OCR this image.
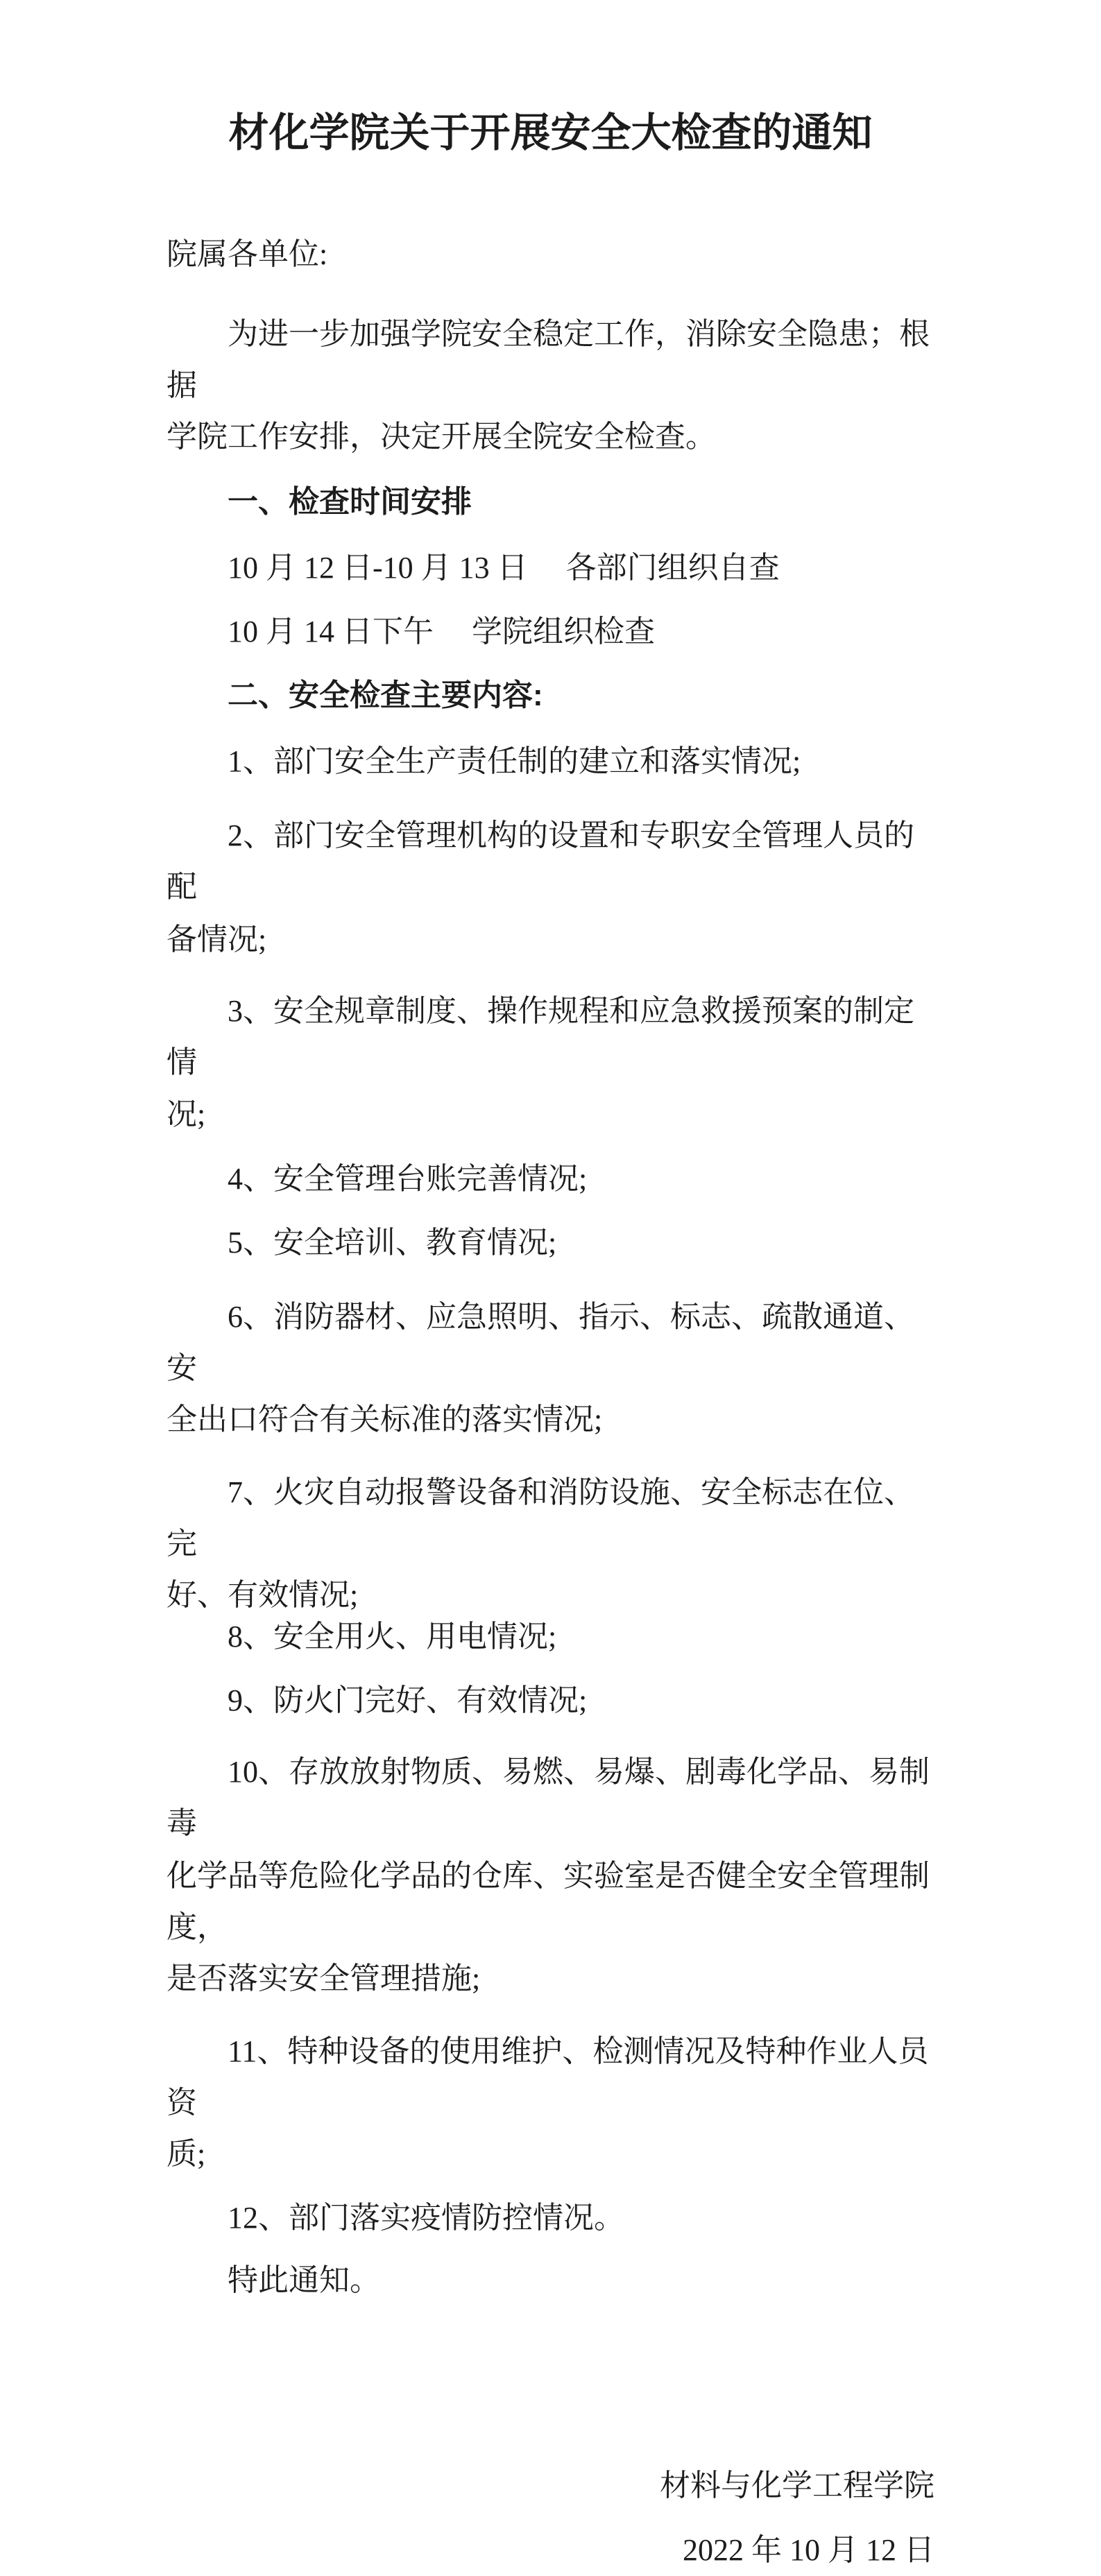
材化学院关于开展安全大检查的通知
院属各单位:
为进一步加强学院安全稳定工作，消除安全隐患；根据
学院工作安排，决定开展全院安全检查。
一、检查时间安排
10 月 12 日-10 月 13 日     各部门组织自查
10 月 14 日下午     学院组织检查
二、安全检查主要内容:
1、部门安全生产责任制的建立和落实情况;
2、部门安全管理机构的设置和专职安全管理人员的配
备情况;
3、安全规章制度、操作规程和应急救援预案的制定情
况;
4、安全管理台账完善情况;
5、安全培训、教育情况;
6、消防器材、应急照明、指示、标志、疏散通道、安
全出口符合有关标准的落实情况;
7、火灾自动报警设备和消防设施、安全标志在位、完
好、有效情况;
8、安全用火、用电情况;
9、防火门完好、有效情况;
10、存放放射物质、易燃、易爆、剧毒化学品、易制毒
化学品等危险化学品的仓库、实验室是否健全安全管理制度，
是否落实安全管理措施;
11、特种设备的使用维护、检测情况及特种作业人员资
质;
12、部门落实疫情防控情况。
特此通知。
材料与化学工程学院
2022 年 10 月 12 日
